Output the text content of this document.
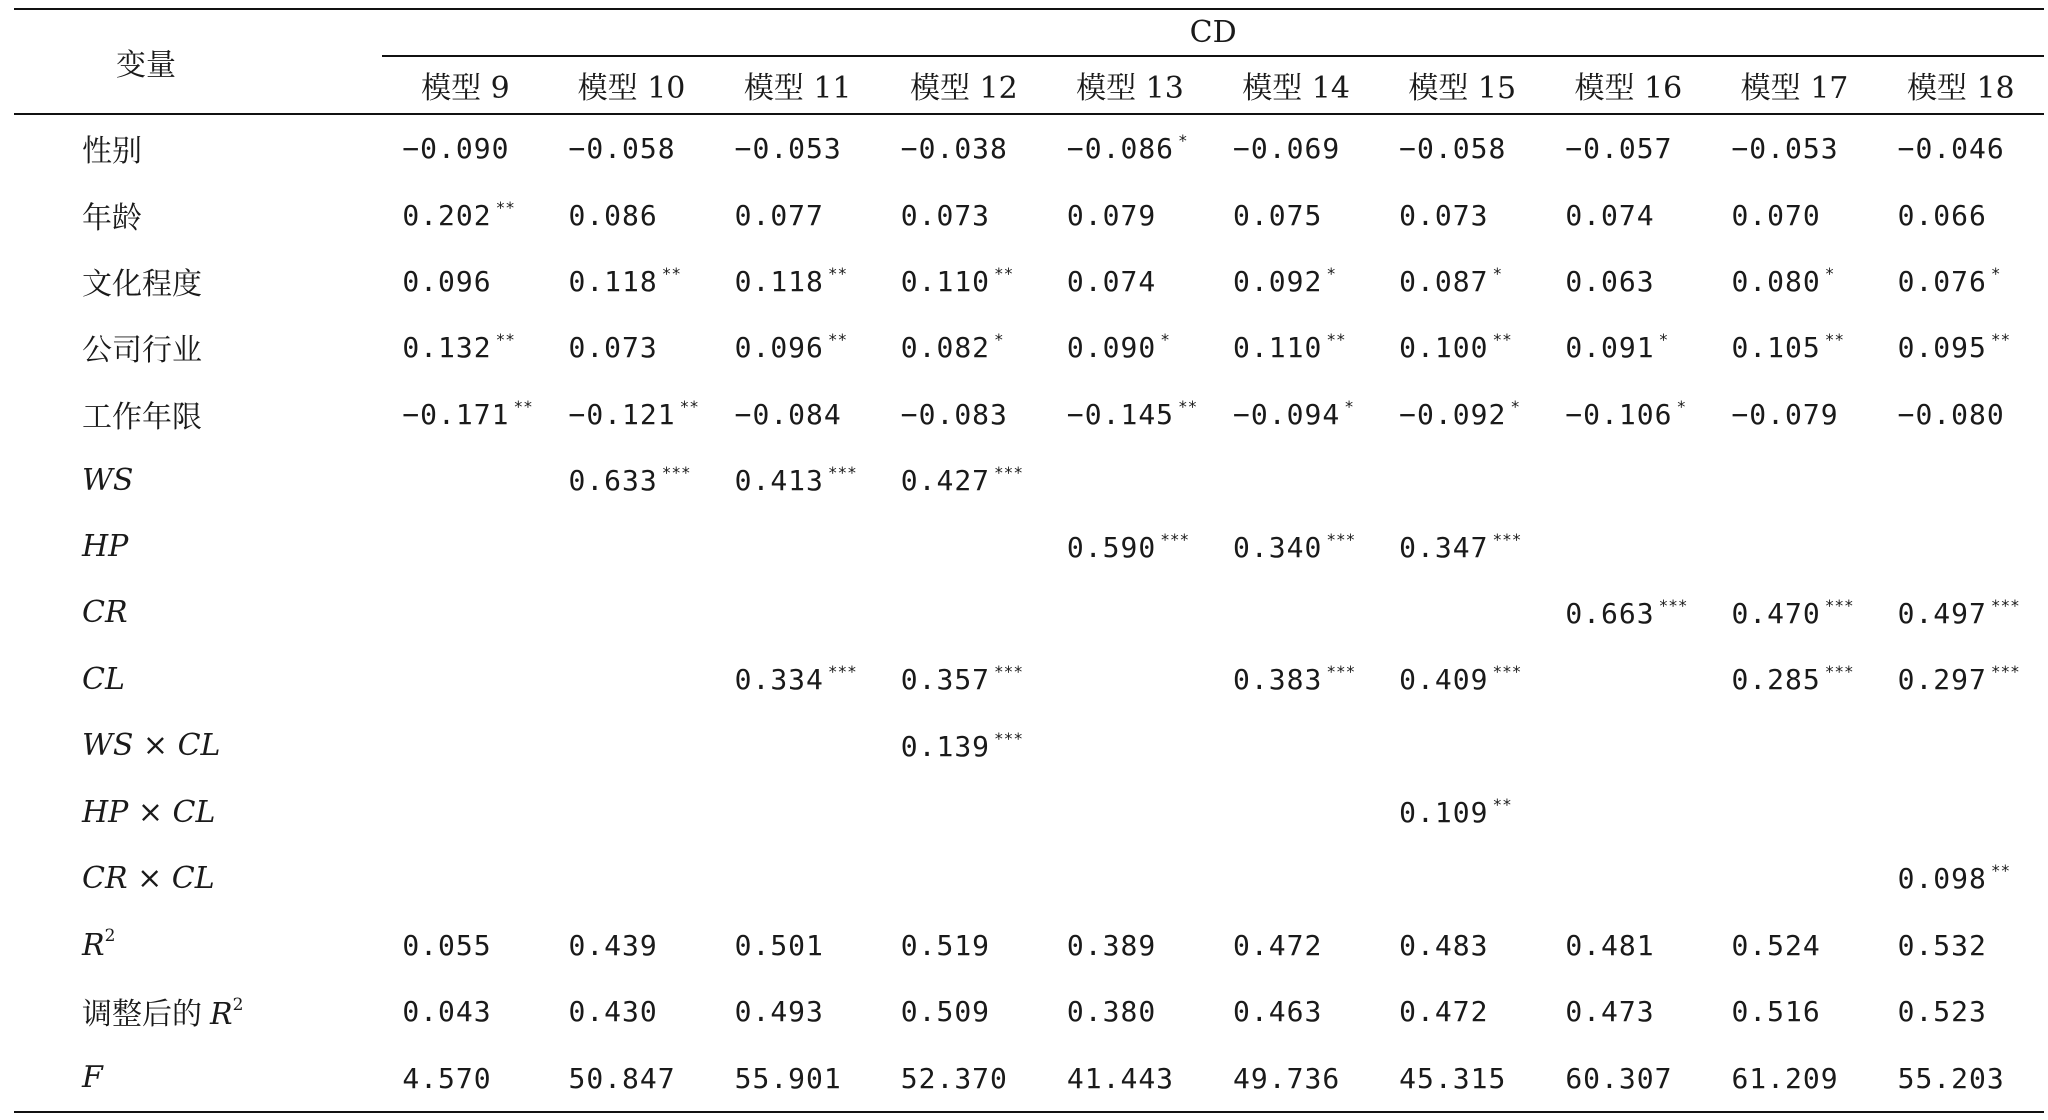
变量	CD									
	模型 9	模型 10	模型 11	模型 12	模型 13	模型 14	模型 15	模型 16	模型 17	模型 18
性别	−0.090	−0.058	−0.053	−0.038	−0.086 *	−0.069	−0.058	−0.057	−0.053	−0.046
年龄	0.202 **	0.086	0.077	0.073	0.079	0.075	0.073	0.074	0.070	0.066
文化程度	0.096	0.118 **	0.118 **	0.110 **	0.074	0.092 *	0.087 *	0.063	0.080 *	0.076 *
公司行业	0.132 **	0.073	0.096 **	0.082 *	0.090 *	0.110 **	0.100 **	0.091 *	0.105 **	0.095 **
工作年限	−0.171 **	−0.121 **	−0.084	−0.083	−0.145 **	−0.094 *	−0.092 *	−0.106 *	−0.079	−0.080
WS		0.633 ***	0.413 ***	0.427 ***						
HP					0.590 ***	0.340 ***	0.347 ***			
CR								0.663 ***	0.470 ***	0.497 ***
CL			0.334 ***	0.357 ***		0.383 ***	0.409 ***		0.285 ***	0.297 ***
WS × CL				0.139 ***						
HP × CL							0.109 **			
CR × CL										0.098 **
$R^2$	0.055	0.439	0.501	0.519	0.389	0.472	0.483	0.481	0.524	0.532
调整后的 $R^2$	0.043	0.430	0.493	0.509	0.380	0.463	0.472	0.473	0.516	0.523
F	4.570	50.847	55.901	52.370	41.443	49.736	45.315	60.307	61.209	55.203
